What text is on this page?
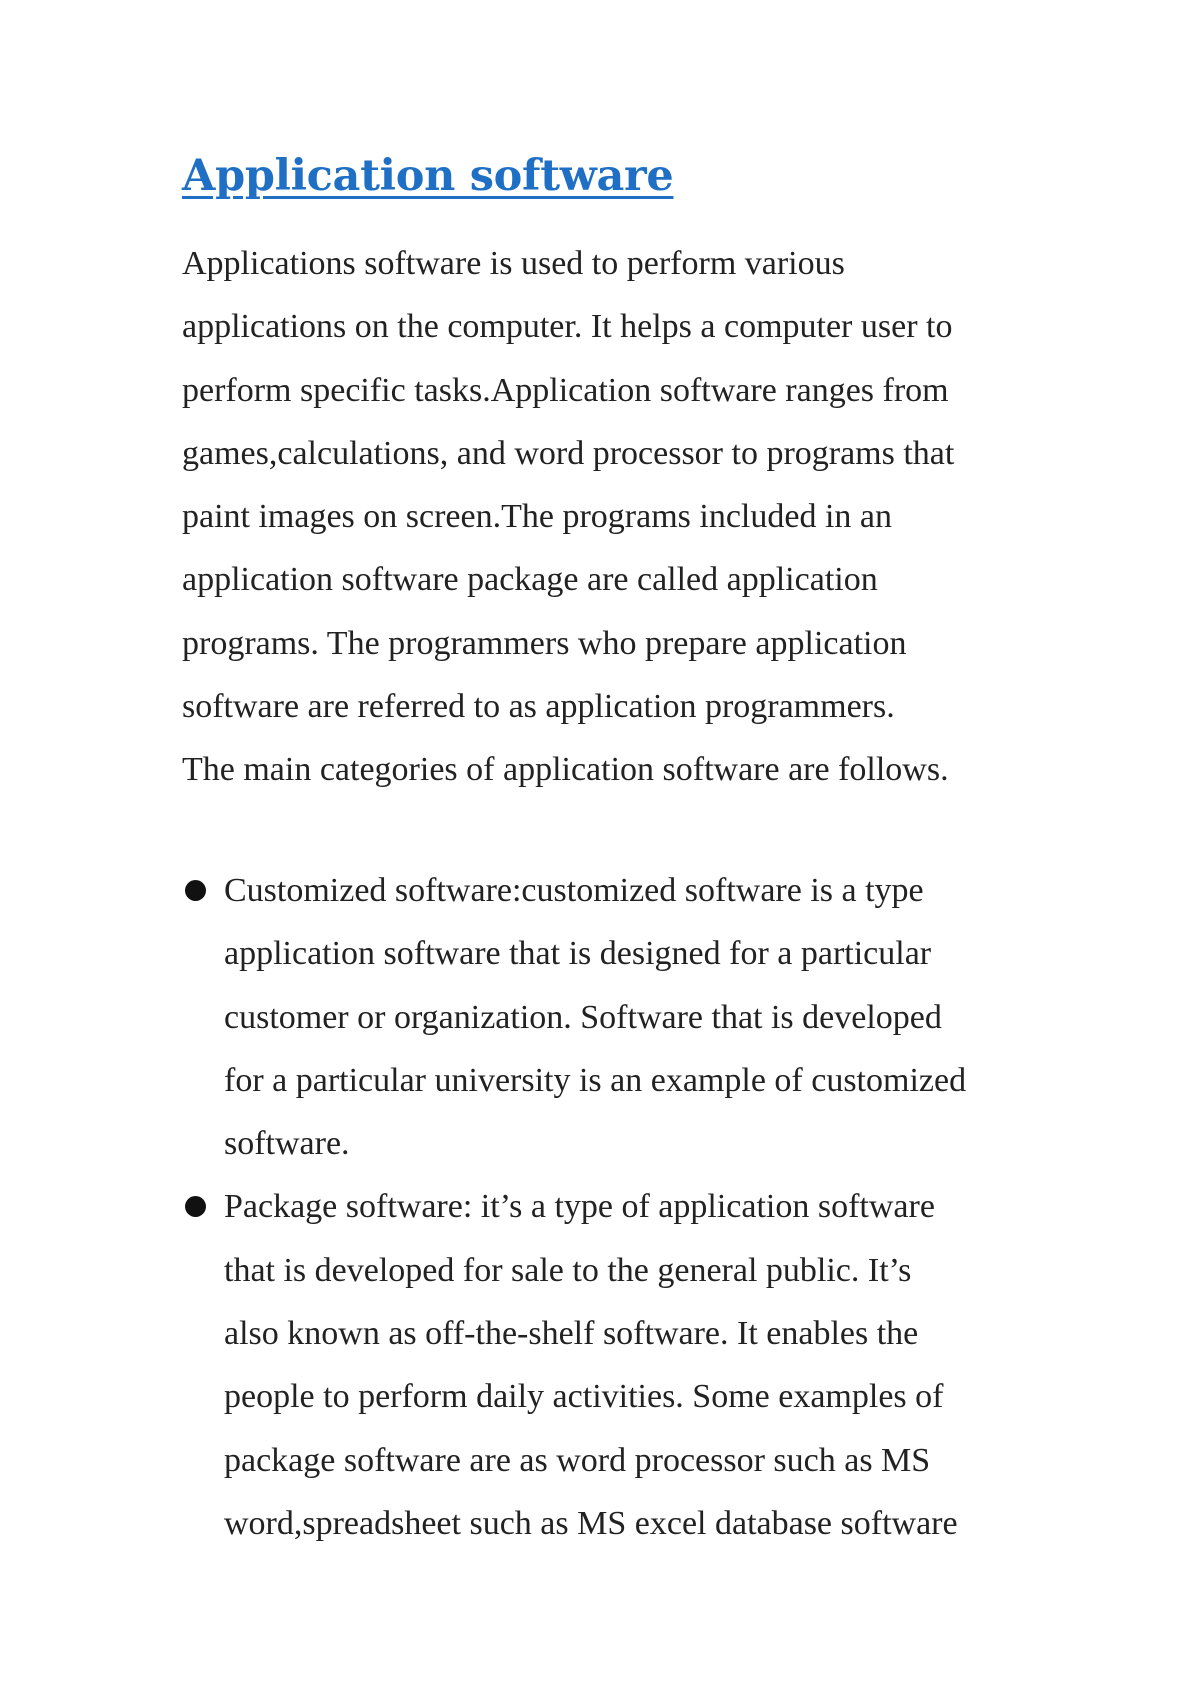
Application software

Applications software is used to perform various
applications on the computer. It helps a computer user to
perform specific tasks.Application software ranges from
games,calculations, and word processor to programs that
paint images on screen.The programs included in an
application software package are called application
programs. The programmers who prepare application
software are referred to as application programmers.
The main categories of application software are follows.

Customized software:customized software is a type
application software that is designed for a particular
customer or organization. Software that is developed
for a particular university is an example of customized
software.
Package software: it’s a type of application software
that is developed for sale to the general public. It’s
also known as off-the-shelf software. It enables the
people to perform daily activities. Some examples of
package software are as word processor such as MS
word,spreadsheet such as MS excel database software
